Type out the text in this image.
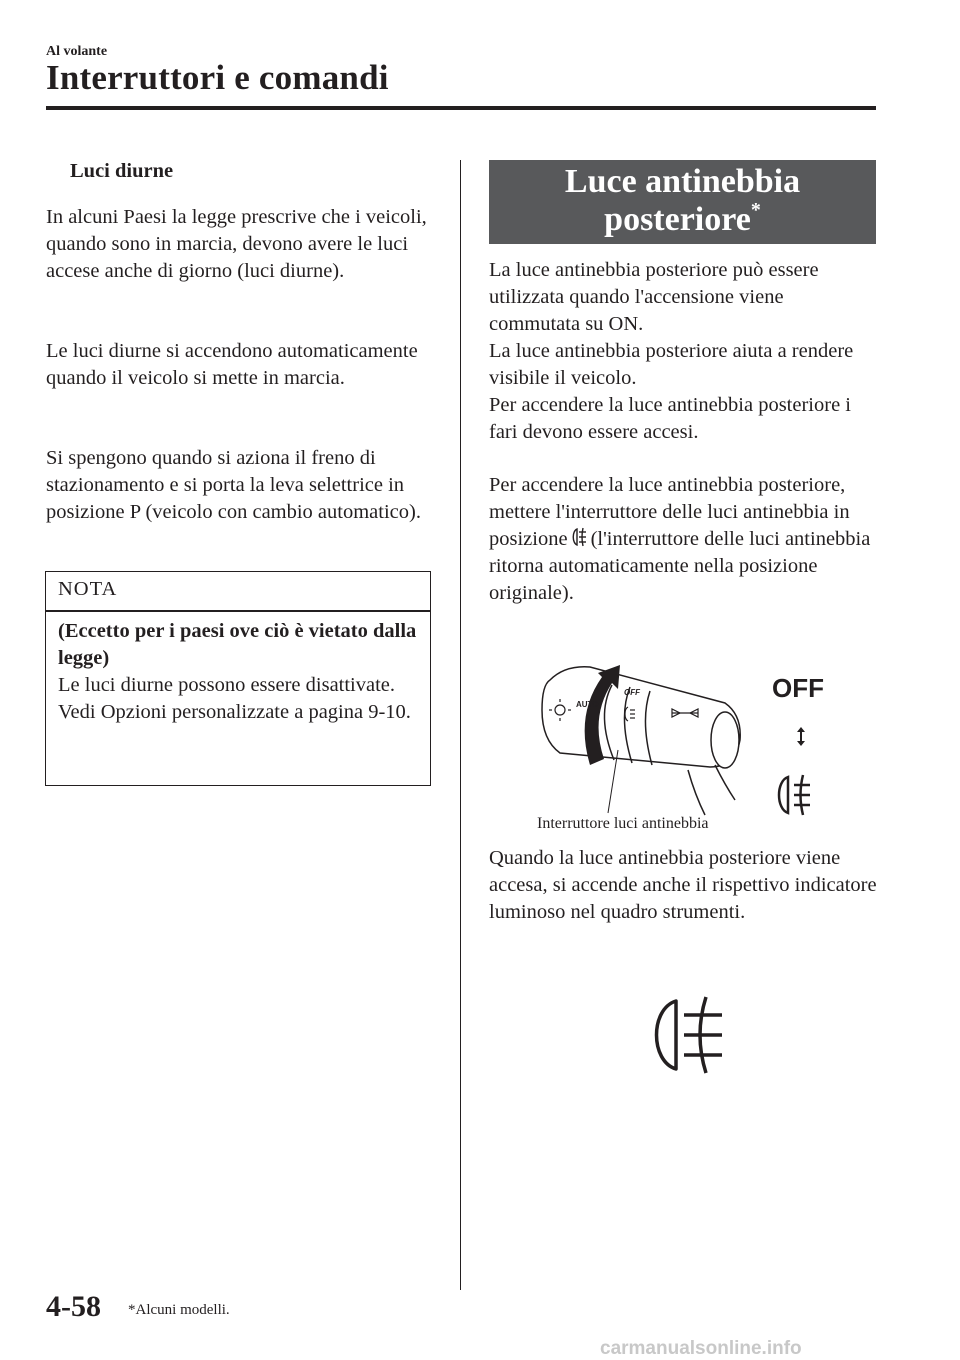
Al volante
Interruttori e comandi
Luci diurne

In alcuni Paesi la legge prescrive che i veicoli, quando sono in marcia, devono avere le luci accese anche di giorno (luci diurne).

Le luci diurne si accendono automaticamente quando il veicolo si mette in marcia.

Si spengono quando si aziona il freno di stazionamento e si porta la leva selettrice in posizione P (veicolo con cambio automatico).

NOTA

(Eccetto per i paesi ove ciò è vietato dalla legge)

Le luci diurne possono essere disattivate.

Vedi Opzioni personalizzate a pagina 9-10.

Luce antinebbia
posteriore*

La luce antinebbia posteriore può essere utilizzata quando l'accensione viene commutata su ON.

La luce antinebbia posteriore aiuta a rendere visibile il veicolo.

Per accendere la luce antinebbia posteriore i fari devono essere accesi.

Per accendere la luce antinebbia posteriore, mettere l'interruttore delle luci antinebbia in posizione (l'interruttore delle luci antinebbia ritorna automaticamente nella posizione originale).

AUTO
OFF	OFF
Interruttore luci antinebbia

Quando la luce antinebbia posteriore viene accesa, si accende anche il rispettivo indicatore luminoso nel quadro strumenti.

4-58 *Alcuni modelli.
carmanualsonline.info
